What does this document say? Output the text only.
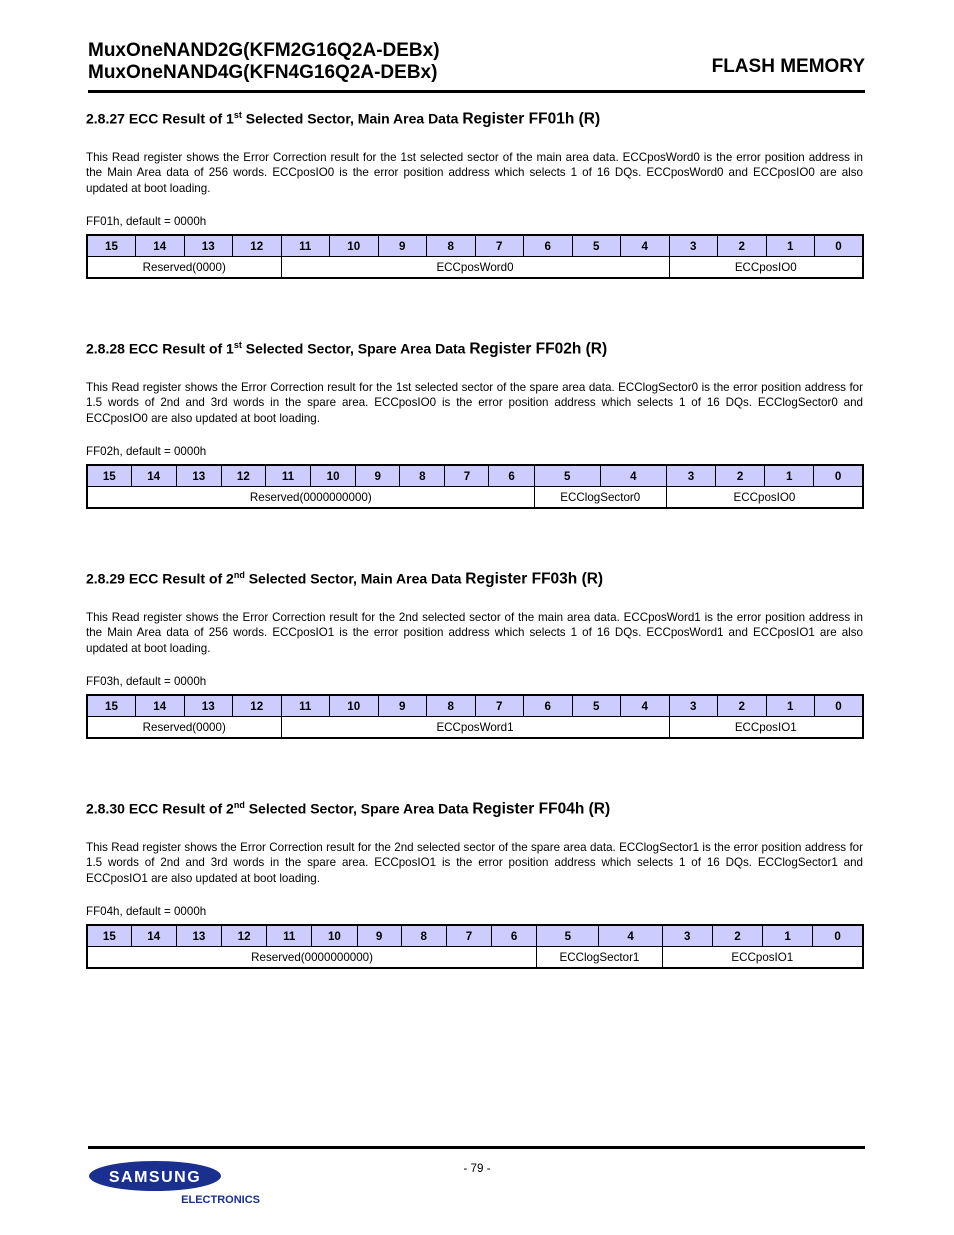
MuxOneNAND2G(KFM2G16Q2A-DEBx)
MuxOneNAND4G(KFN4G16Q2A-DEBx)	FLASH MEMORY
2.8.27 ECC Result of 1st Selected Sector, Main Area Data Register FF01h (R)
This Read register shows the Error Correction result for the 1st selected sector of the main area data. ECCposWord0 is the error position address in the Main Area data of 256 words. ECCposIO0 is the error position address which selects 1 of 16 DQs. ECCposWord0 and ECCposIO0 are also updated at boot loading.
FF01h, default = 0000h
15	14	13	12	11	10	9	8	7	6	5	4	3	2	1	0
Reserved(0000)				ECCposWord0								ECCposIO0			
2.8.28 ECC Result of 1st Selected Sector, Spare Area Data Register FF02h (R)
This Read register shows the Error Correction result for the 1st selected sector of the spare area data. ECClogSector0 is the error position address for 1.5 words of 2nd and 3rd words in the spare area. ECCposIO0 is the error position address which selects 1 of 16 DQs. ECClogSector0 and ECCposIO0 are also updated at boot loading.
FF02h, default = 0000h
15	14	13	12	11	10	9	8	7	6	5	4	3	2	1	0
Reserved(0000000000)										ECClogSector0		ECCposIO0			
2.8.29 ECC Result of 2nd Selected Sector, Main Area Data Register FF03h (R)
This Read register shows the Error Correction result for the 2nd selected sector of the main area data. ECCposWord1 is the error position address in the Main Area data of 256 words. ECCposIO1 is the error position address which selects 1 of 16 DQs. ECCposWord1 and ECCposIO1 are also updated at boot loading.
FF03h, default = 0000h
15	14	13	12	11	10	9	8	7	6	5	4	3	2	1	0
Reserved(0000)				ECCposWord1								ECCposIO1			
2.8.30 ECC Result of 2nd Selected Sector, Spare Area Data Register FF04h (R)
This Read register shows the Error Correction result for the 2nd selected sector of the spare area data. ECClogSector1 is the error position address for 1.5 words of 2nd and 3rd words in the spare area. ECCposIO1 is the error position address which selects 1 of 16 DQs. ECClogSector1 and ECCposIO1 are also updated at boot loading.
FF04h, default = 0000h
15	14	13	12	11	10	9	8	7	6	5	4	3	2	1	0
Reserved(0000000000)										ECClogSector1		ECCposIO1			
- 79 -
SAMSUNG
ELECTRONICS
